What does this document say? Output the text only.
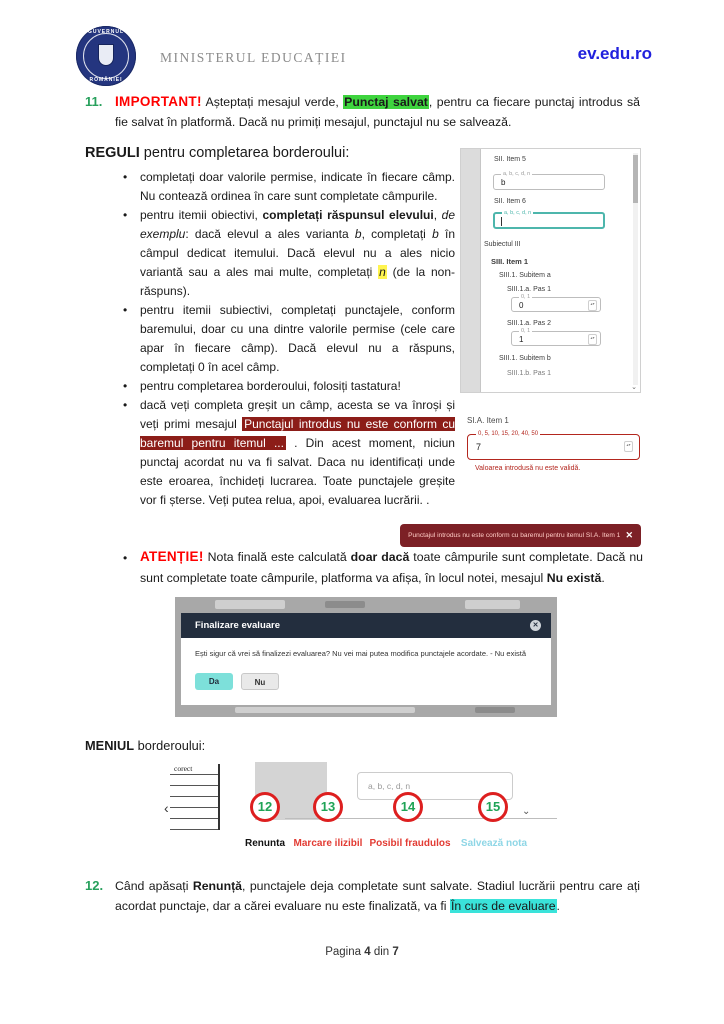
GUVERNUL
ROMÂNIEI
MINISTERUL EDUCAȚIEI	ev.edu.ro
11. IMPORTANT! Așteptați mesajul verde, Punctaj salvat, pentru ca fiecare punctaj introdus să fie salvat în platformă. Dacă nu primiți mesajul, punctajul nu se salvează.
REGULI pentru completarea borderoului:
• completați doar valorile permise, indicate în fiecare câmp. Nu contează ordinea în care sunt completate câmpurile.
• pentru itemii obiectivi, completați răspunsul elevului, de exemplu: dacă elevul a ales varianta b, completați b în câmpul dedicat itemului. Dacă elevul nu a ales nicio variantă sau a ales mai multe, completați n (de la non-răspuns).
• pentru itemii subiectivi, completați punctajele, conform baremului, doar cu una dintre valorile permise (cele care apar în fiecare câmp). Dacă elevul nu a răspuns, completați 0 în acel câmp.
• pentru completarea borderoului, folosiți tastatura!
• dacă veți completa greșit un câmp, acesta se va înroși și veți primi mesajul Punctajul introdus nu este conform cu baremul pentru itemul ... . Din acest moment, niciun punctaj acordat nu va fi salvat. Daca nu identificați unde este eroarea, închideți lucrarea. Toate punctajele greșite vor fi șterse. Veți putea relua, apoi, evaluarea lucrării. .
SII. Item 5
a, b, c, d, n
b
SII. Item 6
a, b, c, d, n
Subiectul III
SIII. Item 1
SIII.1. Subitem a
SIII.1.a. Pas 1
0, 1
0	▴▾
SIII.1.a. Pas 2
0, 1
1	▴▾
SIII.1. Subitem b
SIII.1.b. Pas 1
⌄
SI.A. Item 1
0, 5, 10, 15, 20, 40, 50
7	▴▾
Valoarea introdusă nu este validă.
Punctajul introdus nu este conform cu baremul pentru itemul SI.A. Item 1 ✕
• ATENȚIE! Nota finală este calculată doar dacă toate câmpurile sunt completate. Dacă nu sunt completate toate câmpurile, platforma va afișa, în locul notei, mesajul Nu există.
Finalizare evaluare	✕
Ești sigur că vrei să finalizezi evaluarea? Nu vei mai putea modifica punctajele acordate. - Nu există
Da	Nu
MENIUL borderoului:
corect
a, b, c, d, n
‹	⌄
12	13	14	15
Renunta Marcare ilizibil Posibil fraudulos Salvează nota
12. Când apăsați Renunță, punctajele deja completate sunt salvate. Stadiul lucrării pentru care ați acordat punctaje, dar a cărei evaluare nu este finalizată, va fi În curs de evaluare.
Pagina 4 din 7
